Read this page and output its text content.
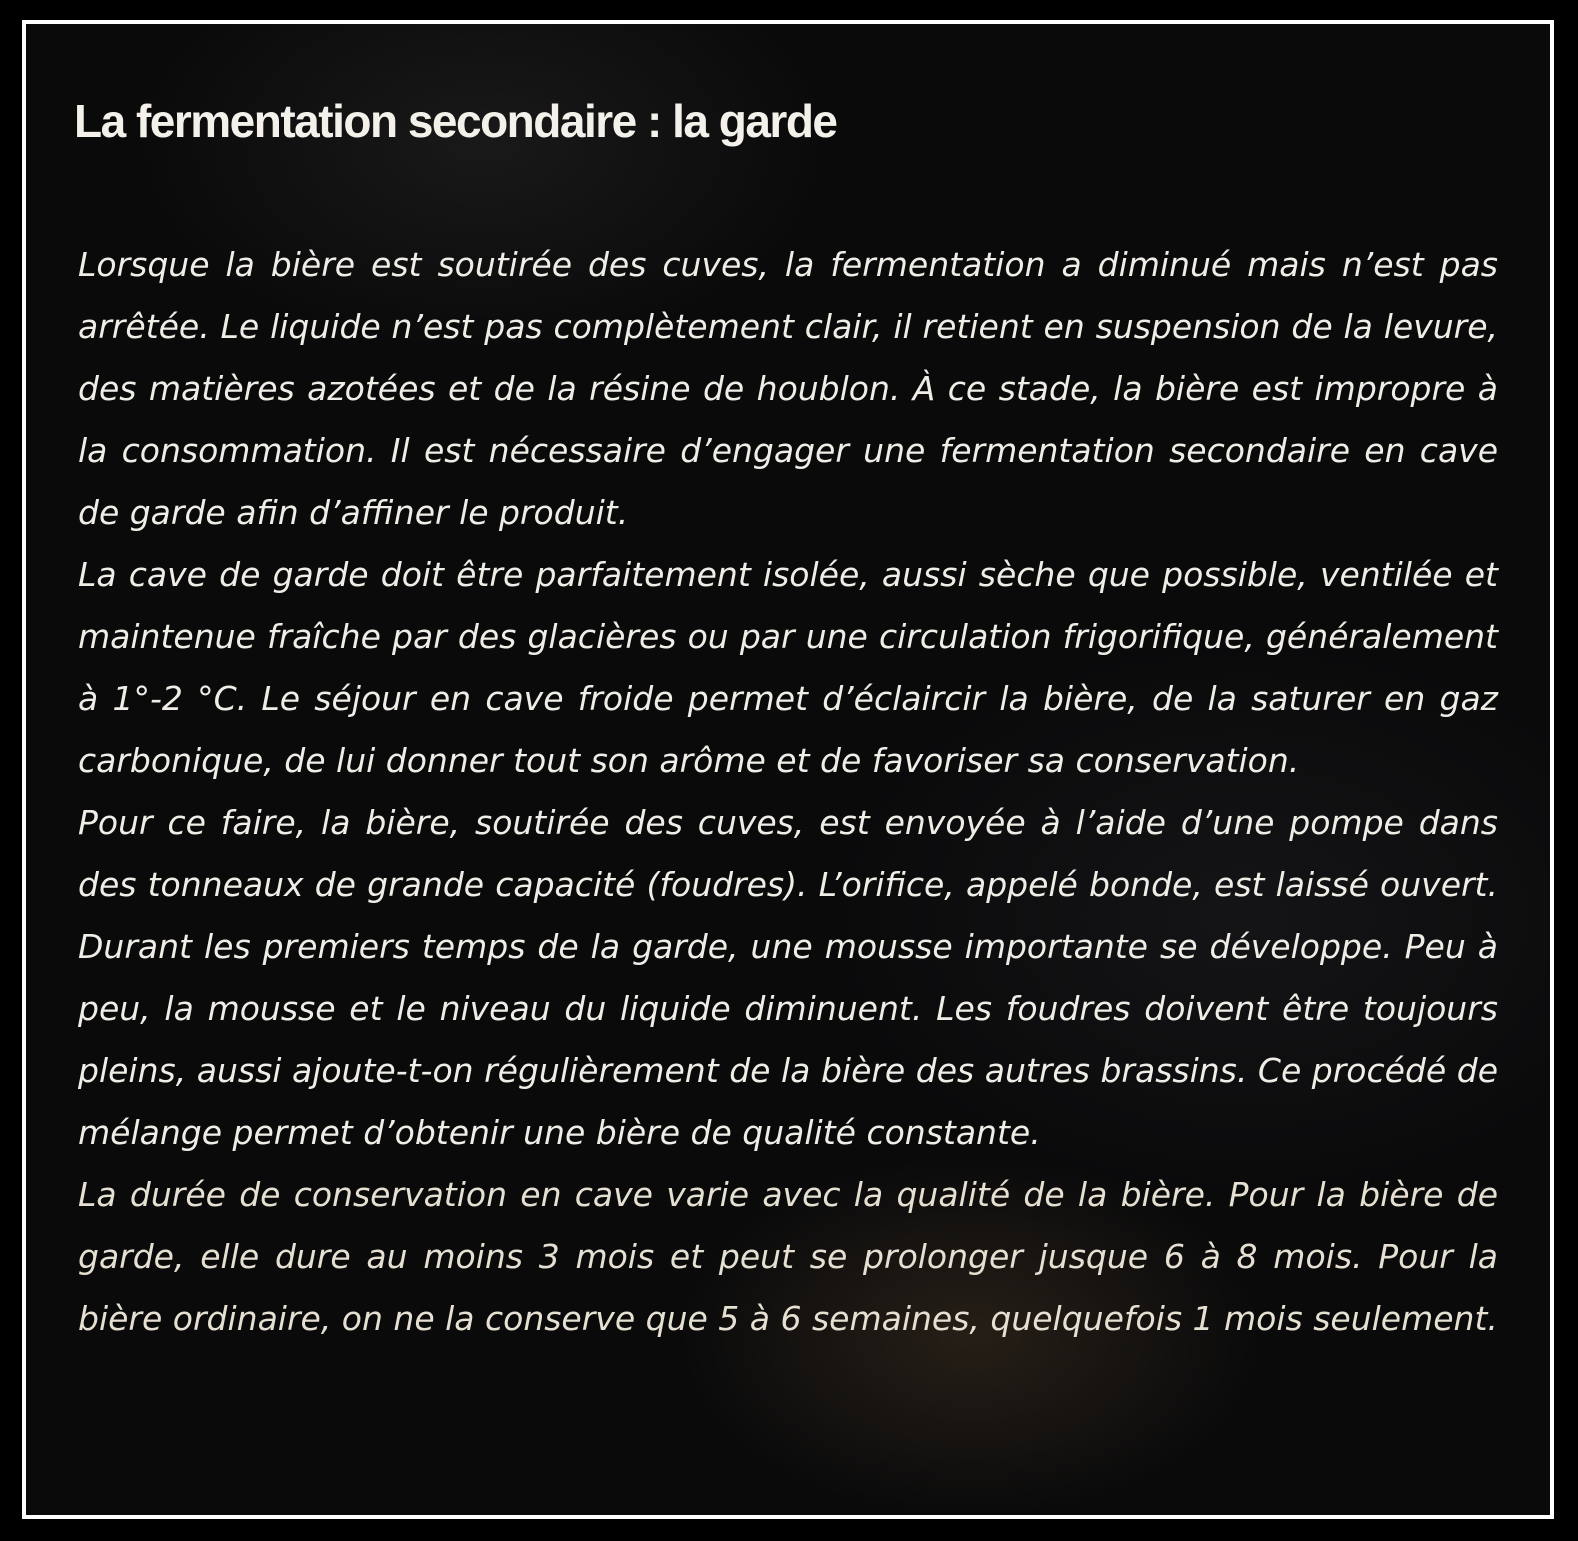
La fermentation secondaire : la garde

Lorsque la bière est soutirée des cuves, la fermentation a diminué mais n’est pas arrêtée. Le liquide n’est pas complètement clair, il retient en suspension de la levure, des matières azotées et de la résine de houblon. À ce stade, la bière est impropre à la consommation. Il est nécessaire d’engager une fermentation secondaire en cave de garde afin d’affiner le produit.

La cave de garde doit être parfaitement isolée, aussi sèche que possible, ventilée et maintenue fraîche par des glacières ou par une circulation frigorifique, généralement à 1°-2 °C. Le séjour en cave froide permet d’éclaircir la bière, de la saturer en gaz carbonique, de lui donner tout son arôme et de favoriser sa conservation.

Pour ce faire, la bière, soutirée des cuves, est envoyée à l’aide d’une pompe dans des tonneaux de grande capacité (foudres). L’orifice, appelé bonde, est laissé ouvert. Durant les premiers temps de la garde, une mousse importante se développe. Peu à peu, la mousse et le niveau du liquide diminuent. Les foudres doivent être toujours pleins, aussi ajoute-t-on régulièrement de la bière des autres brassins. Ce procédé de mélange permet d’obtenir une bière de qualité constante.

La durée de conservation en cave varie avec la qualité de la bière. Pour la bière de garde, elle dure au moins 3 mois et peut se prolonger jusque 6 à 8 mois. Pour la bière ordinaire, on ne la conserve que 5 à 6 semaines, quelquefois 1 mois seulement.
